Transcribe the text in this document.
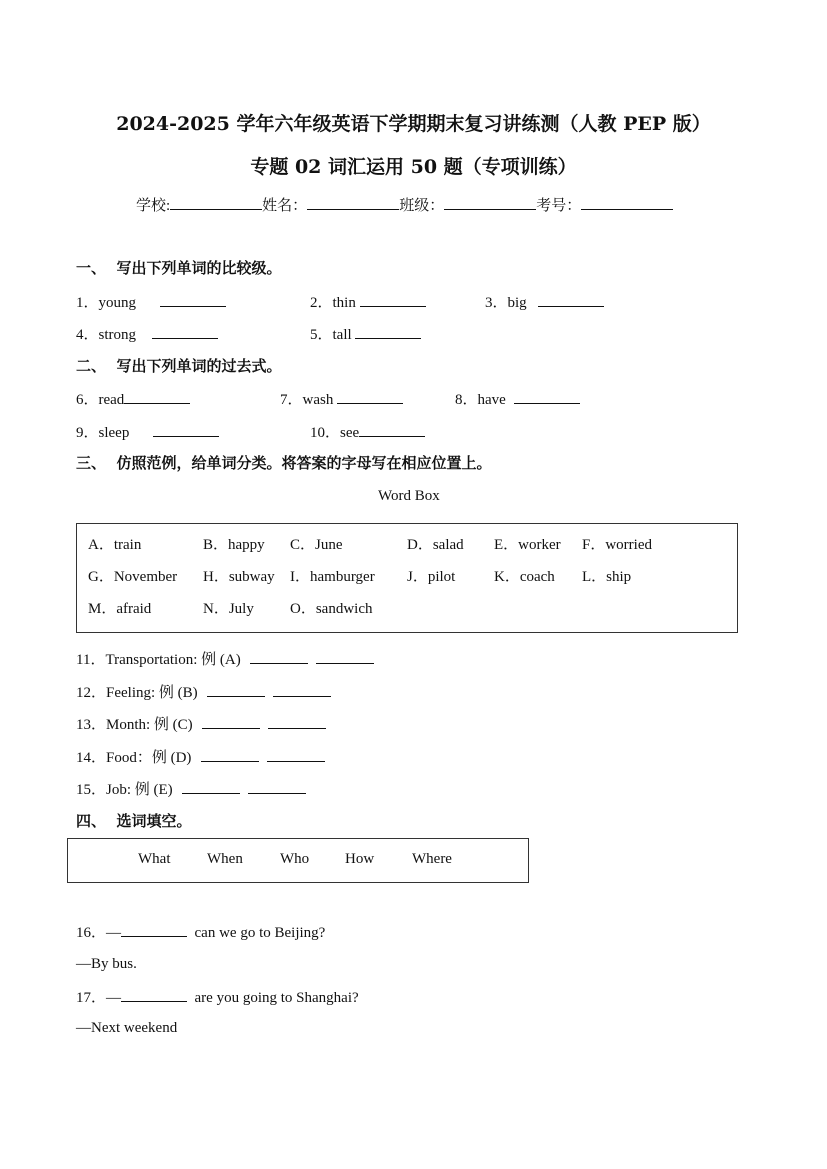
2024-2025 学年六年级英语下学期期末复习讲练测（人教 PEP 版）
专题 02 词汇运用 50 题（专项训练）
学校:	姓名：	班级：	考号：
一、  写出下列单词的比较级。
1．young	2．thin	3．big
4．strong	5．tall
二、  写出下列单词的过去式。
6．read	7．wash	8．have
9．sleep	10．see
三、  仿照范例，给单词分类。将答案的字母写在相应位置上。
Word Box
A．train	B．happy C．June	D．salad E．worker F．worried
G．November H．subway I．hamburger J．pilot	K．coach L．ship
M．afraid	N．July O．sandwich
11．Transportation: 例 (A)
12．Feeling: 例 (B)
13．Month: 例 (C)
14．Food：例 (D)
15．Job: 例 (E)
四、  选词填空。
What When Who How	Where
16．—	can we go to Beijing?
—By bus.
17．—	are you going to Shanghai?
—Next weekend
